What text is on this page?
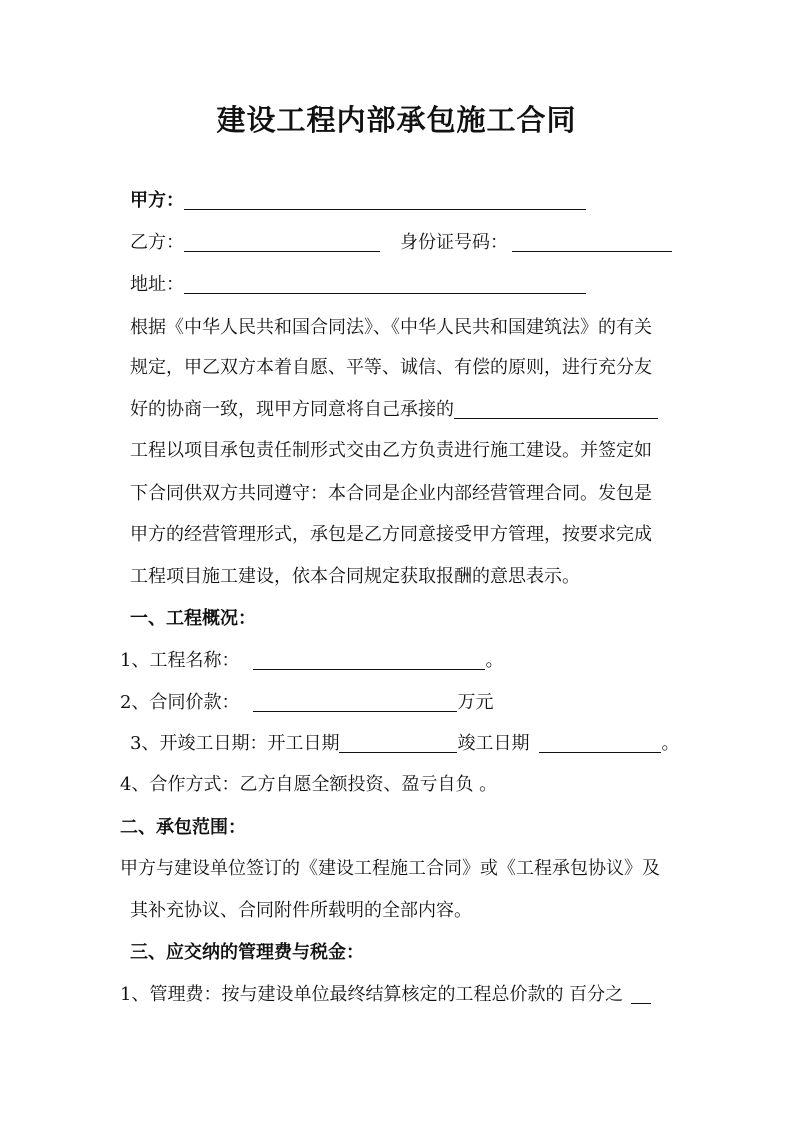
建设工程内部承包施工合同
甲方：
乙方：	身份证号码：
地址：
根据《中华人民共和国合同法》、《中华人民共和国建筑法》的有关
规定，甲乙双方本着自愿、平等、诚信、有偿的原则，进行充分友
好的协商一致，现甲方同意将自己承接的
工程以项目承包责任制形式交由乙方负责进行施工建设。并签定如
下合同供双方共同遵守：本合同是企业内部经营管理合同。发包是
甲方的经营管理形式，承包是乙方同意接受甲方管理，按要求完成
工程项目施工建设，依本合同规定获取报酬的意思表示。
一、工程概况：
1、工程名称：	。
2、合同价款：	万元
3、开竣工日期：开工日期	竣工日期	。
4、合作方式：乙方自愿全额投资、盈亏自负 。
二、承包范围：
甲方与建设单位签订的《建设工程施工合同》或《工程承包协议》及
其补充协议、合同附件所载明的全部内容。
三、应交纳的管理费与税金：
1、管理费：按与建设单位最终结算核定的工程总价款的 百分之
